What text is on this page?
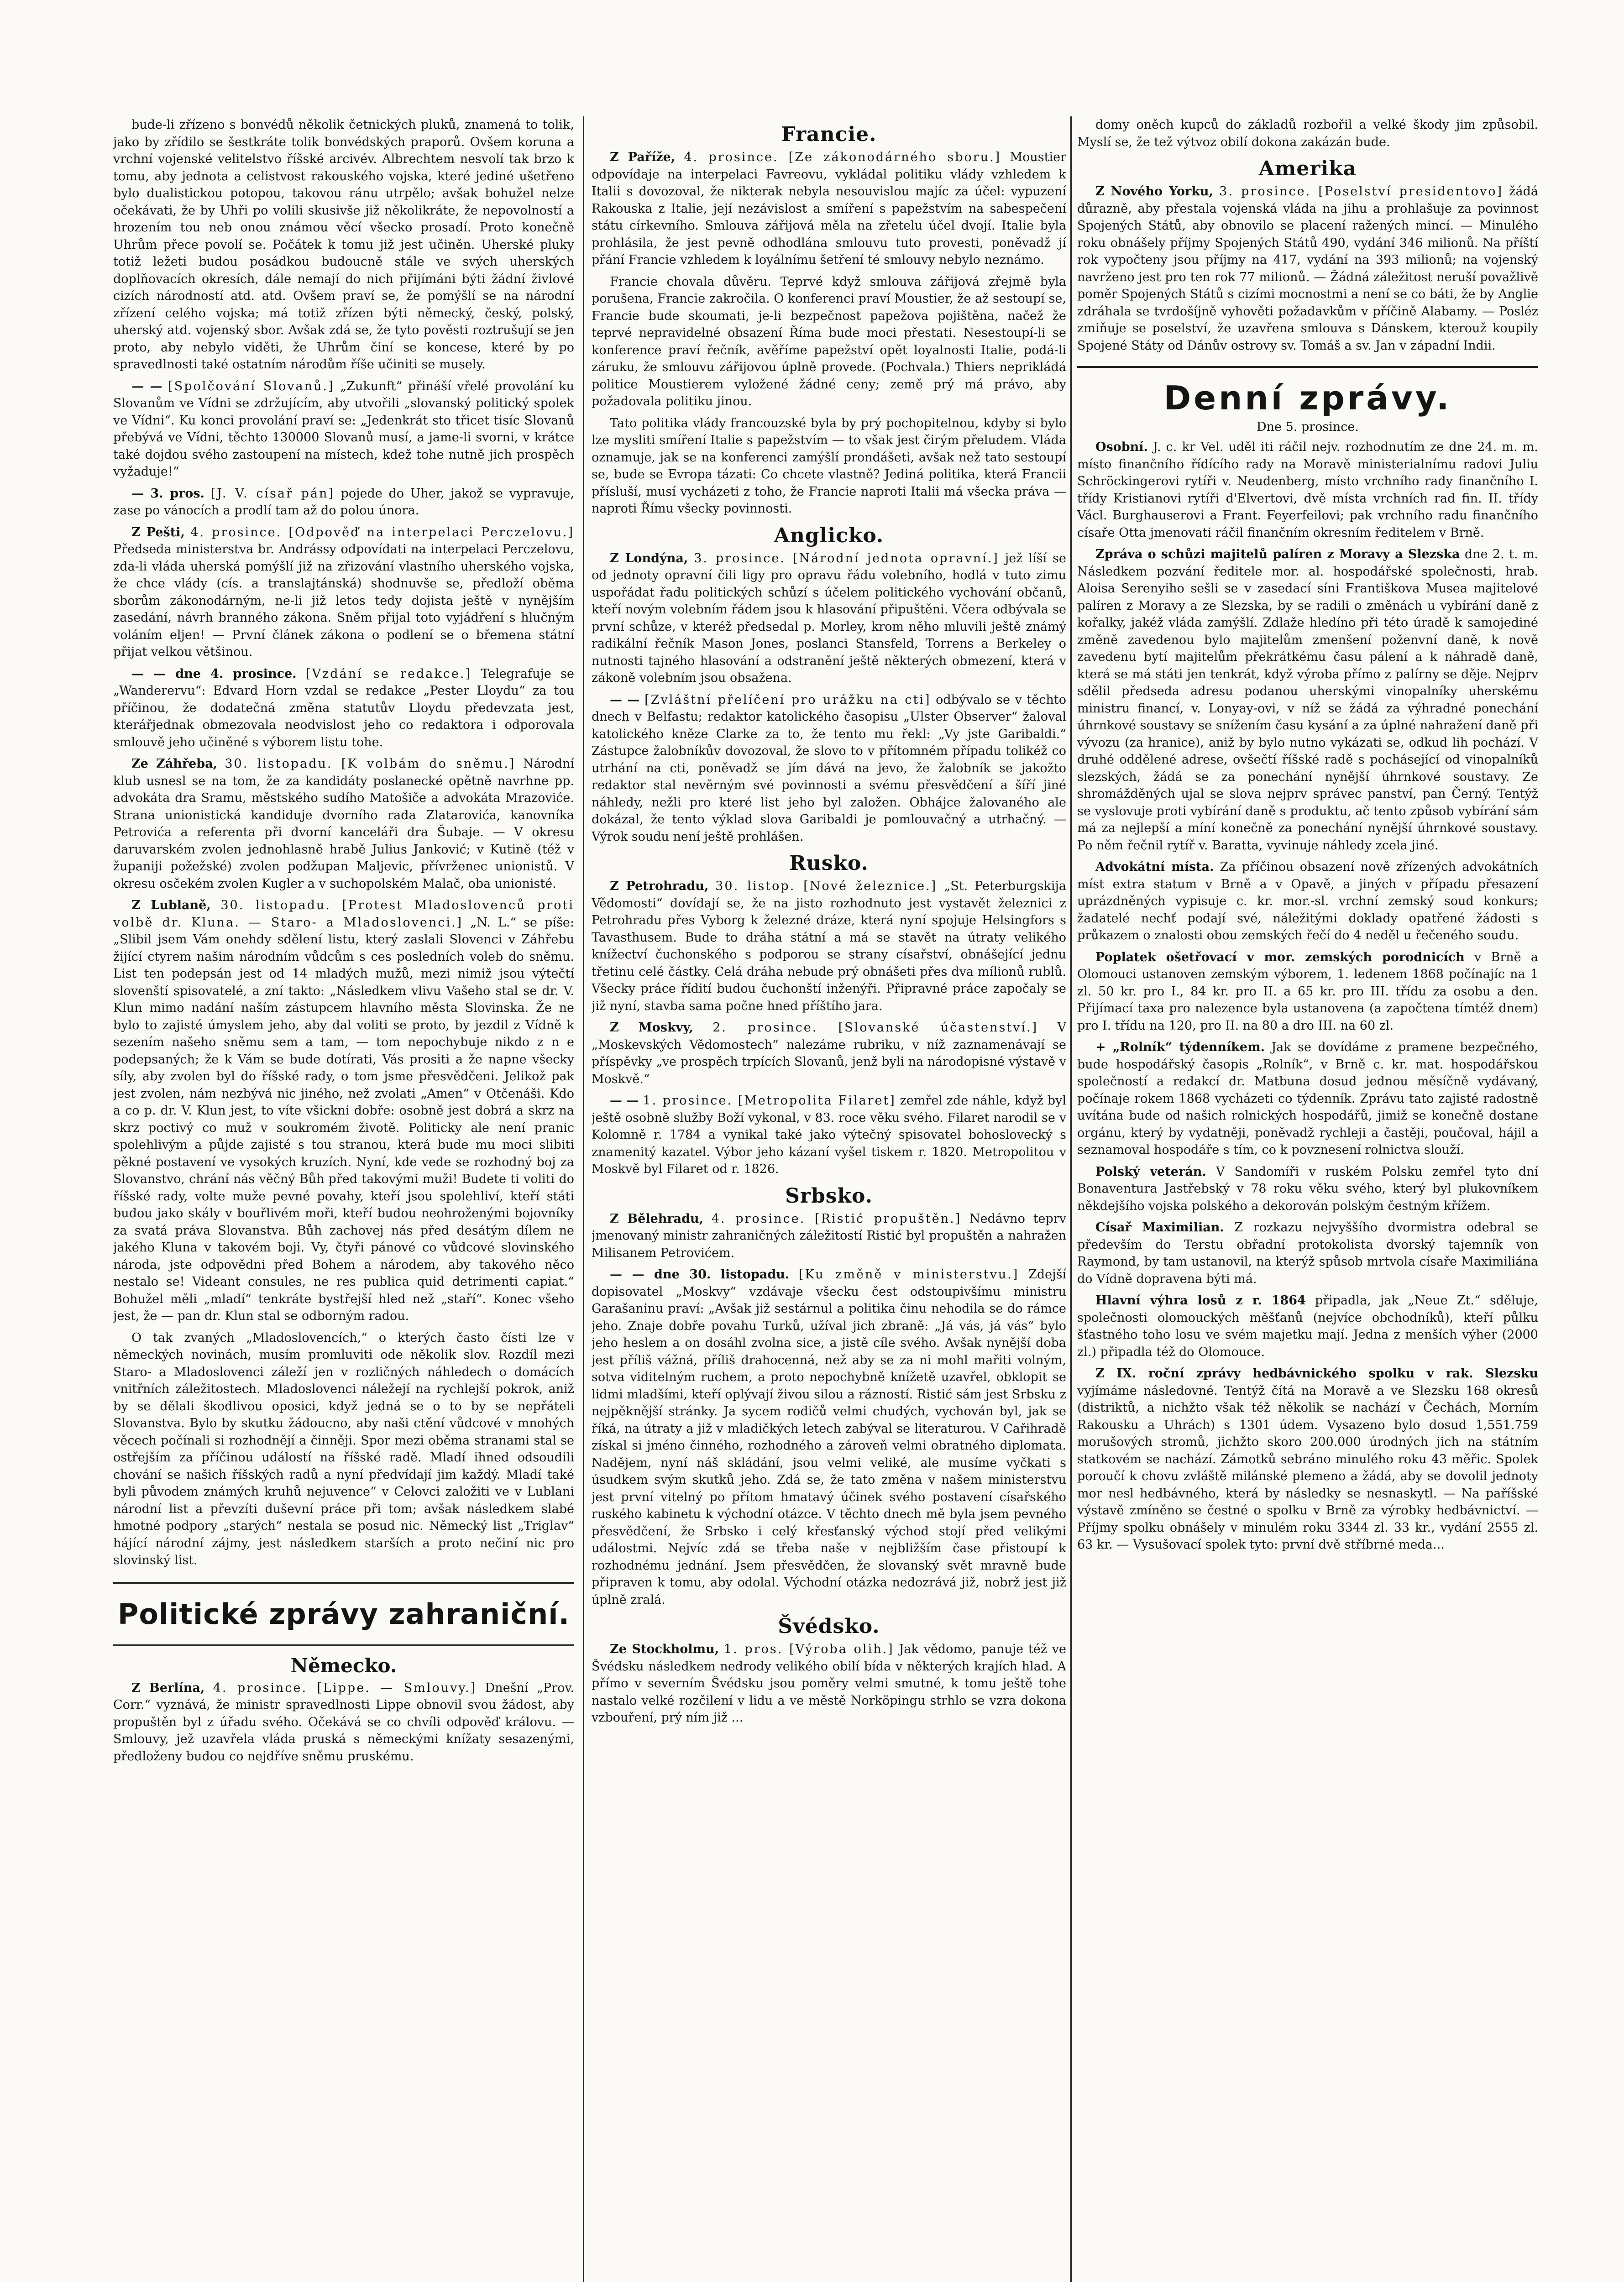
bude-li zřízeno s bonvédů několik četnických pluků, znamená to tolik, jako by zřídilo se šestkráte tolik bonvédských praporů. Ovšem koruna a vrchní vojenské velitelstvo říšské arcivév. Albrechtem nesvolí tak brzo k tomu, aby jednota a celistvost rakouského vojska, které jediné ušetřeno bylo dualistickou potopou, takovou ránu utrpělo; avšak bohužel nelze očekávati, že by Uhři po volili skusivše již několikráte, že nepovolností a hrozením tou neb onou známou věcí všecko prosadí. Proto konečně Uhrům přece povolí se. Počátek k tomu již jest učiněn. Uherské pluky totiž ležeti budou posádkou budoucně stále ve svých uherských doplňovacích okresích, dále nemají do nich přijímáni býti žádní živlové cizích národností atd. atd. Ovšem praví se, že pomýšlí se na národní zřízení celého vojska; má totiž zřízen býti německý, český, polský, uherský atd. vojenský sbor. Avšak zdá se, že tyto pověsti roztrušují se jen proto, aby nebylo viděti, že Uhrům činí se koncese, které by po spravedlnosti také ostatním národům říše učiniti se musely.

— — [Spolčování Slovanů.] „Zukunft“ přináší vřelé provolání ku Slovanům ve Vídni se zdržujícím, aby utvořili „slovanský politický spolek ve Vídni“. Ku konci provolání praví se: „Jedenkrát sto třicet tisíc Slovanů přebývá ve Vídni, těchto 130000 Slovanů musí, a jame-li svorni, v krátce také dojdou svého zastoupení na místech, kdež tohe nutně jich prospěch vyžaduje!“

— 3. pros. [J. V. císař pán] pojede do Uher, jakož se vypravuje, zase po vánocích a prodlí tam až do polou února.

Z Pešti, 4. prosince. [Odpověď na interpelaci Perczelovu.] Předseda ministerstva br. Andrássy odpovídati na interpelaci Perczelovu, zda-li vláda uherská pomýšlí již na zřizování vlastního uherského vojska, že chce vlády (cís. a translajtánská) shodnuvše se, předloží oběma sborům zákonodárným, ne-li již letos tedy dojista ještě v nynějším zasedání, návrh branného zákona. Sněm přijal toto vyjádření s hlučným voláním eljen! — První článek zákona o podlení se o břemena státní přijat velkou většinou.

— — dne 4. prosince. [Vzdání se redakce.] Telegrafuje se „Wanderervu“: Edvard Horn vzdal se redakce „Pester Lloydu“ za tou příčinou, že dodatečná změna statutův Lloydu předevzata jest, kterářjednak obmezovala neodvislost jeho co redaktora i odporovala smlouvě jeho učiněné s výborem listu tohe.

Ze Záhřeba, 30. listopadu. [K volbám do sněmu.] Národní klub usnesl se na tom, že za kandidáty poslanecké opětně navrhne pp. advokáta dra Sramu, městského sudího Matošiče a advokáta Mrazoviće. Strana unionistická kandiduje dvorního rada Zlatarovića, kanovníka Petrovića a referenta při dvorní kanceláři dra Šubaje. — V okresu daruvarském zvolen jednohlasně hrabě Julius Janković; v Kutině (též v županiji požežské) zvolen podžupan Maljevic, přívrženec unionistů. V okresu osčekém zvolen Kugler a v suchopolském Malač, oba unionisté.

Z Lublaně, 30. listopadu. [Protest Mladoslovenců proti volbě dr. Kluna. — Staro- a Mladoslovenci.] „N. L.“ se píše: „Slibil jsem Vám onehdy sdělení listu, který zaslali Slovenci v Záhřebu žijící ctyrem našim národním vůdcům s ces posledních voleb do sněmu. List ten podepsán jest od 14 mladých mužů, mezi nimiž jsou výtečtí slovenští spisovatelé, a zní takto: „Následkem vlivu Vašeho stal se dr. V. Klun mimo nadání naším zástupcem hlavního města Slovinska. Že ne bylo to zajisté úmyslem jeho, aby dal voliti se proto, by jezdil z Vídně k sezením našeho sněmu sem a tam, — tom nepochybuje nikdo z n e podepsaných; že k Vám se bude dotírati, Vás prositi a že napne všecky síly, aby zvolen byl do říšské rady, o tom jsme přesvědčeni. Jelikož pak jest zvolen, nám nezbývá nic jiného, než zvolati „Amen“ v Otčenáši. Kdo a co p. dr. V. Klun jest, to víte všickni dobře: osobně jest dobrá a skrz na skrz poctivý co muž v soukromém životě. Politicky ale není pranic spolehlivým a půjde zajisté s tou stranou, která bude mu moci slibiti pěkné postavení ve vysokých kruzích. Nyní, kde vede se rozhodný boj za Slovanstvo, chrání nás věčný Bůh před takovými muži! Budete ti voliti do říšské rady, volte muže pevné povahy, kteří jsou spolehliví, kteří státi budou jako skály v bouřlivém moři, kteří budou neohroženými bojovníky za svatá práva Slovanstva. Bůh zachovej nás před desátým dílem ne jakého Kluna v takovém boji. Vy, čtyři pánové co vůdcové slovinského národa, jste odpovědni před Bohem a národem, aby takového něco nestalo se! Videant consules, ne res publica quid detrimenti capiat.“ Bohužel měli „mladí“ tenkráte bystřejší hled než „staří“. Konec všeho jest, že — pan dr. Klun stal se odborným radou.

O tak zvaných „Mladoslovencích,“ o kterých často čísti lze v německých novinách, musím promluviti ode několik slov. Rozdíl mezi Staro- a Mladoslovenci záleží jen v rozličných náhledech o domácích vnitřních záležitostech. Mladoslovenci náležejí na rychlejší pokrok, aniž by se dělali škodlivou oposici, když jedná se o to by se nepřáteli Slovanstva. Bylo by skutku žádoucno, aby naši ctění vůdcové v mnohých věcech počínali si rozhodnějí a činněji. Spor mezi oběma stranami stal se ostřejším za příčinou událostí na říšské radě. Mladí ihned odsoudili chování se našich říšských radů a nyní předvídají jim každý. Mladí také byli původem známých kruhů nejuvence“ v Celovci založiti ve v Lublani národní list a převzíti duševní práce při tom; avšak následkem slabé hmotné podpory „starých“ nestala se posud nic. Německý list „Triglav“ hájící národní zájmy, jest následkem starších a proto nečiní nic pro slovinský list.

Politické zprávy zahraniční.
Německo.

Z Berlína, 4. prosince. [Lippe. — Smlouvy.] Dnešní „Prov. Corr.“ vyznává, že ministr spravedlnosti Lippe obnovil svou žádost, aby propuštěn byl z úřadu svého. Očekává se co chvíli odpověď královu. — Smlouvy, jež uzavřela vláda pruská s německými knížaty sesazenými, předloženy budou co nejdříve sněmu pruskému.

Francie.

Z Paříže, 4. prosince. [Ze zákonodárného sboru.] Moustier odpovídaje na interpelaci Favreovu, vykládal politiku vlády vzhledem k Italii s dovozoval, že nikterak nebyla nesouvislou majíc za účel: vypuzení Rakouska z Italie, její nezávislost a smíření s papežstvím na sabespečení státu církevního. Smlouva zářijová měla na zřetelu účel dvojí. Italie byla prohlásila, že jest pevně odhodlána smlouvu tuto provesti, poněvadž jí přání Francie vzhledem k loyálnímu šetření té smlouvy nebylo neznámo.

Francie chovala důvěru. Teprvé když smlouva zářijová zřejmě byla porušena, Francie zakročila. O konferenci praví Moustier, že až sestoupí se, Francie bude skoumati, je-li bezpečnost papežova pojištěna, načež že teprvé nepravidelné obsazení Říma bude moci přestati. Nesestoupí-li se konference praví řečník, avěříme papežství opět loyalnosti Italie, podá-li záruku, že smlouvu zářijovou úplně provede. (Pochvala.) Thiers neprikládá politice Moustierem vyložené žádné ceny; země prý má právo, aby požadovala politiku jinou.

Tato politika vlády francouzské byla by prý pochopitelnou, kdyby si bylo lze mysliti smíření Italie s papežstvím — to však jest čirým přeludem. Vláda oznamuje, jak se na konferenci zamýšlí prondášeti, avšak než tato sestoupí se, bude se Evropa tázati: Co chcete vlastně? Jediná politika, která Francii přísluší, musí vycházeti z toho, že Francie naproti Italii má všecka práva — naproti Římu všecky povinnosti.

Anglicko.

Z Londýna, 3. prosince. [Národní jednota opravní.] jež líší se od jednoty opravní čili ligy pro opravu řádu volebního, hodlá v tuto zimu uspořádat řadu politických schůzí s účelem politického vychování občanů, kteří novým volebním řádem jsou k hlasování připuštěni. Včera odbývala se první schůze, v kteréž předsedal p. Morley, krom něho mluvili ještě známý radikální řečník Mason Jones, poslanci Stansfeld, Torrens a Berkeley o nutnosti tajného hlasování a odstranění ještě některých obmezení, která v zákoně volebním jsou obsažena.

— — [Zvláštní přelíčení pro urážku na cti] odbývalo se v těchto dnech v Belfastu; redaktor katolického časopisu „Ulster Observer“ žaloval katolického kněze Clarke za to, že tento mu řekl: „Vy jste Garibaldi.“ Zástupce žalobníkův dovozoval, že slovo to v přítomném případu tolikéž co utrhání na cti, poněvadž se jím dává na jevo, že žalobník se jakožto redaktor stal nevěrným své povinnosti a svému přesvědčení a šíří jiné náhledy, nežli pro které list jeho byl založen. Obhájce žalovaného ale dokázal, že tento výklad slova Garibaldi je pomlouvačný a utrhačný. — Výrok soudu není ještě prohlášen.

Rusko.

Z Petrohradu, 30. listop. [Nové železnice.] „St. Peterburgskija Vědomosti“ dovídají se, že na jisto rozhodnuto jest vystavět železnici z Petrohradu přes Vyborg k železné dráze, která nyní spojuje Helsingfors s Tavasthusem. Bude to dráha státní a má se stavět na útraty velikého knížectví čuchonského s podporou se strany císařství, obnášející jednu třetinu celé částky. Celá dráha nebude prý obnášeti přes dva mílionů rublů. Všecky práce řídití budou čuchonští inženýři. Připravné práce započaly se již nyní, stavba sama počne hned příštího jara.

Z Moskvy, 2. prosince. [Slovanské účastenství.] V „Moskevských Vědomostech“ nalezáme rubriku, v níž zaznamenávají se příspěvky „ve prospěch trpících Slovanů, jenž byli na národopisné výstavě v Moskvě.“

— — 1. prosince. [Metropolita Filaret] zemřel zde náhle, když byl ještě osobně služby Boží vykonal, v 83. roce věku svého. Filaret narodil se v Kolomně r. 1784 a vynikal také jako výtečný spisovatel bohoslovecký s znamenitý kazatel. Výbor jeho kázaní vyšel tiskem r. 1820. Metropolitou v Moskvě byl Filaret od r. 1826.

Srbsko.

Z Bělehradu, 4. prosince. [Ristić propuštěn.] Nedávno teprv jmenovaný ministr zahraničných záležitostí Ristić byl propuštěn a nahražen Milisanem Petrovićem.

— — dne 30. listopadu. [Ku změně v ministerstvu.] Zdejší dopisovatel „Moskvy“ vzdávaje všecku čest odstoupivšímu ministru Garašaninu praví: „Avšak již sestárnul a politika činu nehodila se do rámce jeho. Znaje dobře povahu Turků, užíval jich zbraně: „Já vás, já vás“ bylo jeho heslem a on dosáhl zvolna sice, a jistě cíle svého. Avšak nynější doba jest příliš vážná, příliš drahocenná, než aby se za ni mohl mařiti volným, sotva viditelným ruchem, a proto nepochybně knížetě uzavřel, obklopit se lidmi mladšími, kteří oplývají živou silou a rázností. Ristić sám jest Srbsku z nejpěknější stránky. Ja sycem rodičů velmi chudých, vychován byl, jak se říká, na útraty a již v mladičkých letech zabýval se literaturou. V Cařihradě získal si jméno činného, rozhodného a zároveň velmi obratného diplomata. Nadějem, nyní náš skládání, jsou velmi veliké, ale musíme vyčkati s úsudkem svým skutků jeho. Zdá se, že tato změna v našem ministerstvu jest první vitelný po přítom hmatavý účinek svého postavení císařského ruského kabinetu k východní otázce. V těchto dnech mě byla jsem pevného přesvědčení, že Srbsko i celý křesťanský východ stojí před velikými událostmi. Nejvíc zdá se třeba naše v nejbližším čase přistoupí k rozhodnému jednání. Jsem přesvědčen, že slovanský svět mravně bude připraven k tomu, aby odolal. Východní otázka nedozrává již, nobrž jest již úplně zralá.

Švédsko.

Ze Stockholmu, 1. pros. [Výroba olih.] Jak vědomo, panuje též ve Švédsku následkem nedrody velikého obilí bída v některých krajích hlad. A přímo v severním Švédsku jsou poměry velmi smutné, k tomu ještě tohe nastalo velké rozčilení v lidu a ve městě Norköpingu strhlo se vzra dokona vzbouření, prý ním již ...

domy oněch kupců do základů rozbořil a velké škody jim způsobil. Myslí se, že tež výtvoz obilí dokona zakázán bude.

Amerika

Z Nového Yorku, 3. prosince. [Poselství presidentovo] žádá důrazně, aby přestala vojenská vláda na jihu a prohlašuje za povinnost Spojených Států, aby obnovilo se placení ražených mincí. — Minulého roku obnášely příjmy Spojených Států 490, vydání 346 milionů. Na příští rok vypočteny jsou příjmy na 417, vydání na 393 milionů; na vojenský navrženo jest pro ten rok 77 milionů. — Žádná záležitost neruší považlivě poměr Spojených Států s cizími mocnostmi a není se co báti, že by Anglie zdráhala se tvrdošíjně vyhověti požadavkům v příčině Alabamy. — Posléz zmiňuje se poselství, že uzavřena smlouva s Dánskem, kterouž koupily Spojené Státy od Dánův ostrovy sv. Tomáš a sv. Jan v západní Indii.

Denní zprávy.
Dne 5. prosince.

Osobní. J. c. kr Vel. uděl iti ráčil nejv. rozhodnutím ze dne 24. m. m. místo finančního řídícího rady na Moravě ministerialnímu radovi Juliu Schröckingerovi rytíři v. Neudenberg, místo vrchního rady finančního I. třídy Kristianovi rytíři d'Elvertovi, dvě místa vrchních rad fin. II. třídy Václ. Burghauserovi a Frant. Feyerfeilovi; pak vrchního radu finančního císaře Otta jmenovati ráčil finančním okresním ředitelem v Brně.

Zpráva o schůzi majitelů palíren z Moravy a Slezska dne 2. t. m. Následkem pozvání ředitele mor. al. hospodářské společnosti, hrab. Aloisa Serenyiho sešli se v zasedací síni Františkova Musea majitelové palíren z Moravy a ze Slezska, by se radili o změnách u vybírání daně z kořalky, jakéž vláda zamýšlí. Zdlaže hledíno při této úradě k samojediné změně zavedenou bylo majitelům zmenšení poženvní daně, k nově zavedenu bytí majitelům překrátkému času pálení a k náhradě daně, která se má státi jen tenkrát, když výroba přímo z palírny se děje. Nejprv sdělil předseda adresu podanou uherskými vinopalníky uherskému ministru financí, v. Lonyay-ovi, v níž se žádá za výhradné ponechání úhrnkové soustavy se snížením času kysání a za úplné nahražení daně při vývozu (za hranice), aniž by bylo nutno vykázati se, odkud lih pochází. V druhé oddělené adrese, ovšečtí říšské radě s pochásející od vinopalníků slezských, žádá se za ponechání nynější úhrnkové soustavy. Ze shromážděných ujal se slova nejprv správec panství, pan Černý. Tentýž se vyslovuje proti vybírání daně s produktu, ač tento způsob vybírání sám má za nejlepší a míní konečně za ponechání nynější úhrnkové soustavy. Po něm řečnil rytíř v. Baratta, vyvinuje náhledy zcela jiné.

Advokátní místa. Za příčinou obsazení nově zřízených advokátních míst extra statum v Brně a v Opavě, a jiných v případu přesazení uprázdněných vypisuje c. kr. mor.-sl. vrchní zemský soud konkurs; žadatelé nechť podají své, náležitými doklady opatřené žádosti s průkazem o znalosti obou zemských řečí do 4 neděl u řečeného soudu.

Poplatek ošetřovací v mor. zemských porodnicích v Brně a Olomouci ustanoven zemským výborem, 1. ledenem 1868 počínajíc na 1 zl. 50 kr. pro I., 84 kr. pro II. a 65 kr. pro III. třídu za osobu a den. Přijímací taxa pro nalezence byla ustanovena (a započtena tímtéž dnem) pro I. třídu na 120, pro II. na 80 a dro III. na 60 zl.

+ „Rolník“ týdenníkem. Jak se dovídáme z pramene bezpečného, bude hospodářský časopis „Rolník“, v Brně c. kr. mat. hospodářskou společností a redakcí dr. Matbuna dosud jednou měsíčně vydávaný, počínaje rokem 1868 vycházeti co týdenník. Zprávu tato zajisté radostně uvítána bude od našich rolnických hospodářů, jimiž se konečně dostane orgánu, který by vydatněji, poněvadž rychleji a častěji, poučoval, hájil a seznamoval hospodáře s tím, co k povznesení rolnictva slouží.

Polský veterán. V Sandomíři v ruském Polsku zemřel tyto dní Bonaventura Jastřebský v 78 roku věku svého, který byl plukovníkem někdejšího vojska polského a dekorován polským čestným křížem.

Císař Maximilian. Z rozkazu nejvyššího dvormistra odebral se především do Terstu obřadní protokolista dvorský tajemník von Raymond, by tam ustanovil, na kterýž spůsob mrtvola císaře Maximiliána do Vídně dopravena býti má.

Hlavní výhra losů z r. 1864 připadla, jak „Neue Zt.“ sděluje, společnosti olomouckých měšťanů (nejvíce obchodníků), kteří půlku šťastného toho losu ve svém majetku mají. Jedna z menších výher (2000 zl.) připadla též do Olomouce.

Z IX. roční zprávy hedbávnického spolku v rak. Slezsku vyjímáme následovné. Tentýž čítá na Moravě a ve Slezsku 168 okresů (distriktů, a nichžto však též několik se nachází v Čechách, Morním Rakousku a Uhrách) s 1301 údem. Vysazeno bylo dosud 1,551.759 morušových stromů, jichžto skoro 200.000 úrodných jich na státním statkovém se nachází. Zámotků sebráno minulého roku 43 měřic. Spolek poroučí k chovu zvláště milánské plemeno a žádá, aby se dovolil jednoty mor nesl hedbávného, která by následky se nesnaskytl. — Na paříšské výstavě zmíněno se čestné o spolku v Brně za výrobky hedbávnictví. — Příjmy spolku obnášely v minulém roku 3344 zl. 33 kr., vydání 2555 zl. 63 kr. — Vysušovací spolek tyto: první dvě stříbrné meda...
